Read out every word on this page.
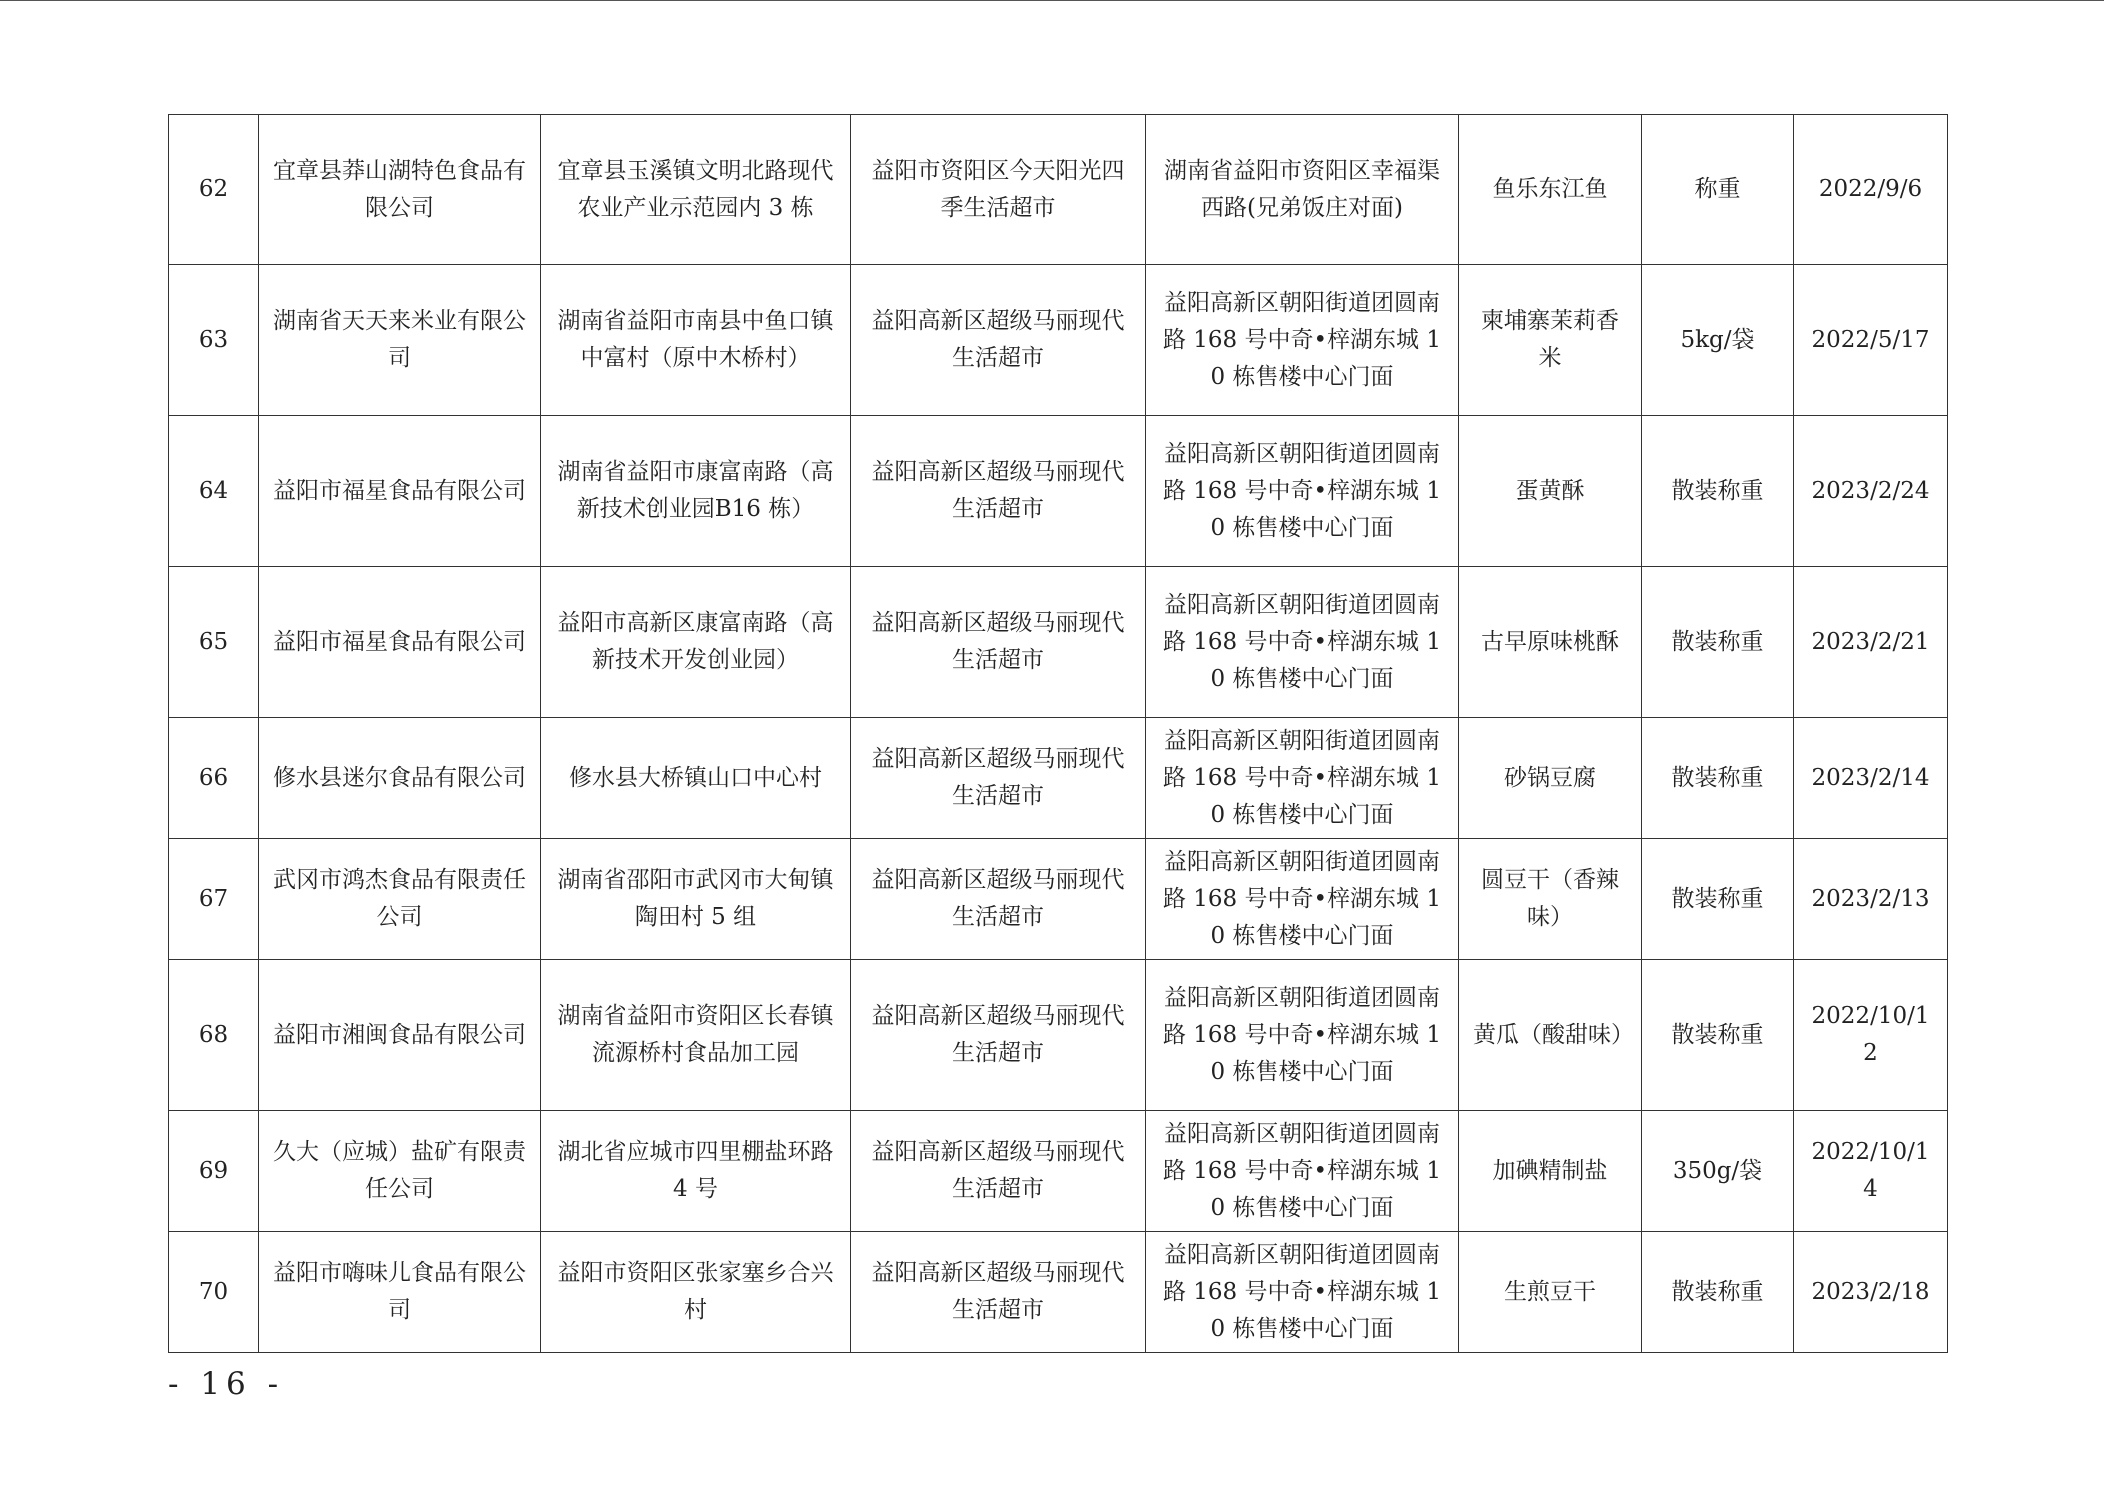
62	宜章县莽山湖特色食品有限公司	宜章县玉溪镇文明北路现代农业产业示范园内 3 栋	益阳市资阳区今天阳光四季生活超市	湖南省益阳市资阳区幸福渠西路(兄弟饭庄对面)	鱼乐东江鱼	称重	2022/9/6
63	湖南省天天来米业有限公司	湖南省益阳市南县中鱼口镇中富村（原中木桥村）	益阳高新区超级马丽现代生活超市	益阳高新区朝阳街道团圆南路 168 号中奇•梓湖东城 10 栋售楼中心门面	柬埔寨茉莉香米	5kg/袋	2022/5/17
64	益阳市福星食品有限公司	湖南省益阳市康富南路（高新技术创业园B16 栋）	益阳高新区超级马丽现代生活超市	益阳高新区朝阳街道团圆南路 168 号中奇•梓湖东城 10 栋售楼中心门面	蛋黄酥	散装称重	2023/2/24
65	益阳市福星食品有限公司	益阳市高新区康富南路（高新技术开发创业园）	益阳高新区超级马丽现代生活超市	益阳高新区朝阳街道团圆南路 168 号中奇•梓湖东城 10 栋售楼中心门面	古早原味桃酥	散装称重	2023/2/21
66	修水县迷尔食品有限公司	修水县大桥镇山口中心村	益阳高新区超级马丽现代生活超市	益阳高新区朝阳街道团圆南路 168 号中奇•梓湖东城 10 栋售楼中心门面	砂锅豆腐	散装称重	2023/2/14
67	武冈市鸿杰食品有限责任公司	湖南省邵阳市武冈市大甸镇陶田村 5 组	益阳高新区超级马丽现代生活超市	益阳高新区朝阳街道团圆南路 168 号中奇•梓湖东城 10 栋售楼中心门面	圆豆干（香辣味）	散装称重	2023/2/13
68	益阳市湘闽食品有限公司	湖南省益阳市资阳区长春镇流源桥村食品加工园	益阳高新区超级马丽现代生活超市	益阳高新区朝阳街道团圆南路 168 号中奇•梓湖东城 10 栋售楼中心门面	黄瓜（酸甜味）	散装称重	2022/10/12
69	久大（应城）盐矿有限责任公司	湖北省应城市四里棚盐环路 4 号	益阳高新区超级马丽现代生活超市	益阳高新区朝阳街道团圆南路 168 号中奇•梓湖东城 10 栋售楼中心门面	加碘精制盐	350g/袋	2022/10/14
70	益阳市嗨味儿食品有限公司	益阳市资阳区张家塞乡合兴村	益阳高新区超级马丽现代生活超市	益阳高新区朝阳街道团圆南路 168 号中奇•梓湖东城 10 栋售楼中心门面	生煎豆干	散装称重	2023/2/18
- 16 -
